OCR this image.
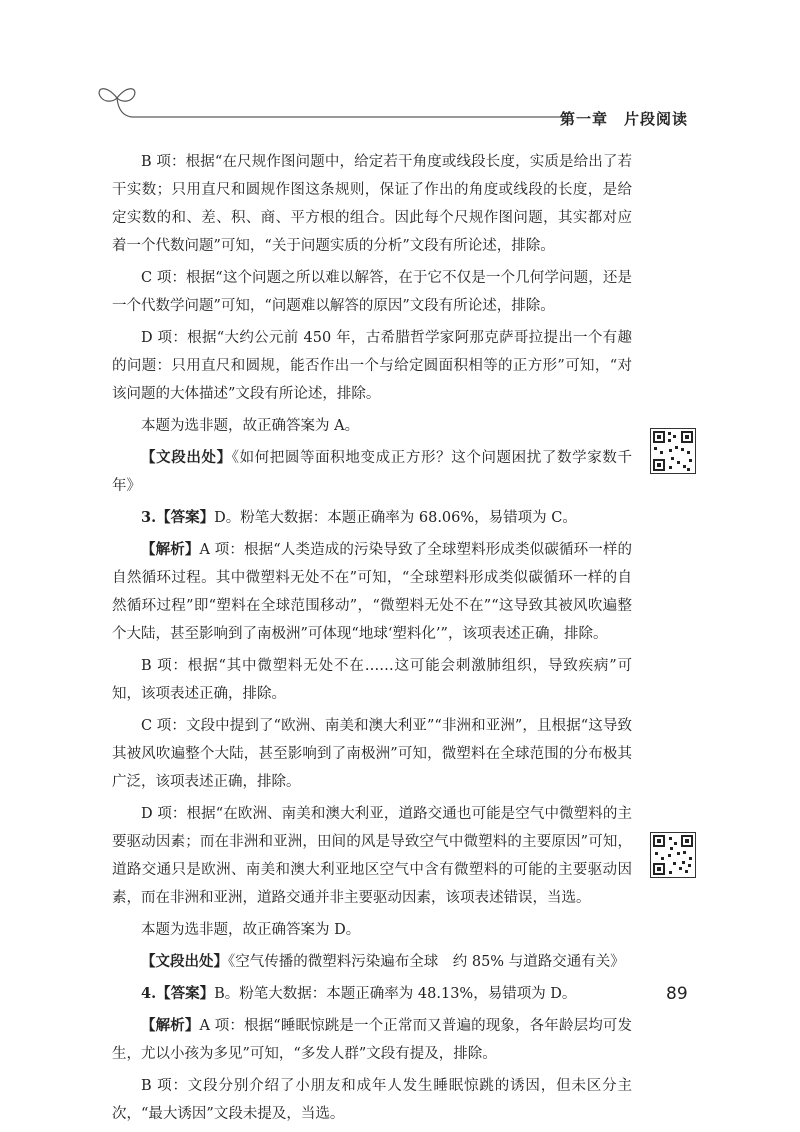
第一章 片段阅读

B 项：根据“在尺规作图问题中，给定若干角度或线段长度，实质是给出了若干实数；只用直尺和圆规作图这条规则，保证了作出的角度或线段的长度，是给定实数的和、差、积、商、平方根的组合。因此每个尺规作图问题，其实都对应着一个代数问题”可知，“关于问题实质的分析”文段有所论述，排除。

C 项：根据“这个问题之所以难以解答，在于它不仅是一个几何学问题，还是一个代数学问题”可知，“问题难以解答的原因”文段有所论述，排除。

D 项：根据“大约公元前 450 年，古希腊哲学家阿那克萨哥拉提出一个有趣的问题：只用直尺和圆规，能否作出一个与给定圆面积相等的正方形”可知，“对该问题的大体描述”文段有所论述，排除。

本题为选非题，故正确答案为 A。

【文段出处】《如何把圆等面积地变成正方形？这个问题困扰了数学家数千年》

3.【答案】D。粉笔大数据：本题正确率为 68.06%，易错项为 C。

【解析】A 项：根据“人类造成的污染导致了全球塑料形成类似碳循环一样的自然循环过程。其中微塑料无处不在”可知，“全球塑料形成类似碳循环一样的自然循环过程”即“塑料在全球范围移动”，“微塑料无处不在”“这导致其被风吹遍整个大陆，甚至影响到了南极洲”可体现“地球‘塑料化’”，该项表述正确，排除。

B 项：根据“其中微塑料无处不在……这可能会刺激肺组织，导致疾病”可知，该项表述正确，排除。

C 项：文段中提到了“欧洲、南美和澳大利亚”“非洲和亚洲”，且根据“这导致其被风吹遍整个大陆，甚至影响到了南极洲”可知，微塑料在全球范围的分布极其广泛，该项表述正确，排除。

D 项：根据“在欧洲、南美和澳大利亚，道路交通也可能是空气中微塑料的主要驱动因素；而在非洲和亚洲，田间的风是导致空气中微塑料的主要原因”可知，道路交通只是欧洲、南美和澳大利亚地区空气中含有微塑料的可能的主要驱动因素，而在非洲和亚洲，道路交通并非主要驱动因素，该项表述错误，当选。

本题为选非题，故正确答案为 D。

【文段出处】《空气传播的微塑料污染遍布全球　约 85% 与道路交通有关》

4.【答案】B。粉笔大数据：本题正确率为 48.13%，易错项为 D。

【解析】A 项：根据“睡眠惊跳是一个正常而又普遍的现象，各年龄层均可发生，尤以小孩为多见”可知，“多发人群”文段有提及，排除。

B 项：文段分别介绍了小朋友和成年人发生睡眠惊跳的诱因，但未区分主次，“最大诱因”文段未提及，当选。

89
